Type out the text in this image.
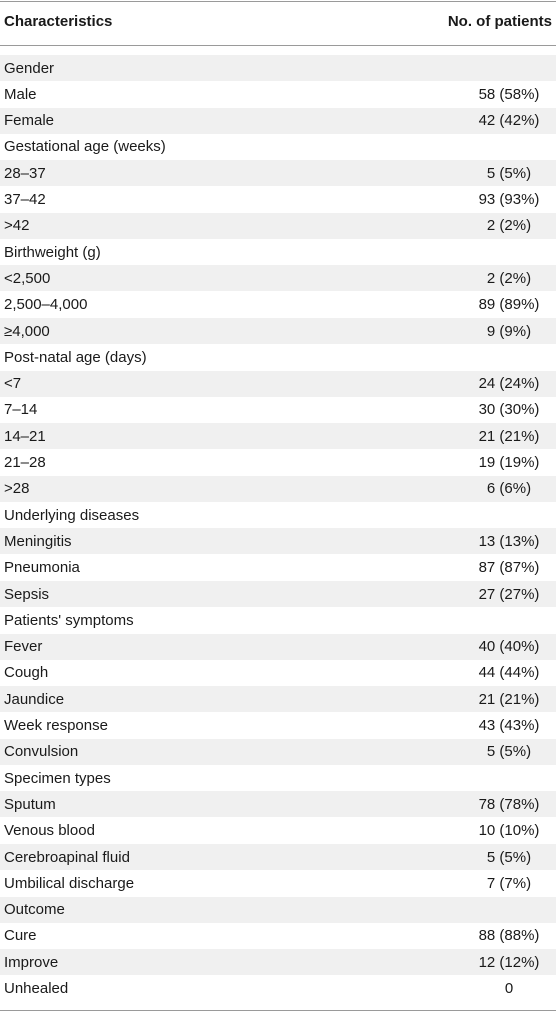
Characteristics	No. of patients
Gender
Male	58 (58%)
Female	42 (42%)
Gestational age (weeks)
28–37	5 (5%)
37–42	93 (93%)
>42	2 (2%)
Birthweight (g)
<2,500	2 (2%)
2,500–4,000	89 (89%)
≥4,000	9 (9%)
Post-natal age (days)
<7	24 (24%)
7–14	30 (30%)
14–21	21 (21%)
21–28	19 (19%)
>28	6 (6%)
Underlying diseases
Meningitis	13 (13%)
Pneumonia	87 (87%)
Sepsis	27 (27%)
Patients' symptoms
Fever	40 (40%)
Cough	44 (44%)
Jaundice	21 (21%)
Week response	43 (43%)
Convulsion	5 (5%)
Specimen types
Sputum	78 (78%)
Venous blood	10 (10%)
Cerebroapinal fluid	5 (5%)
Umbilical discharge	7 (7%)
Outcome
Cure	88 (88%)
Improve	12 (12%)
Unhealed	0
